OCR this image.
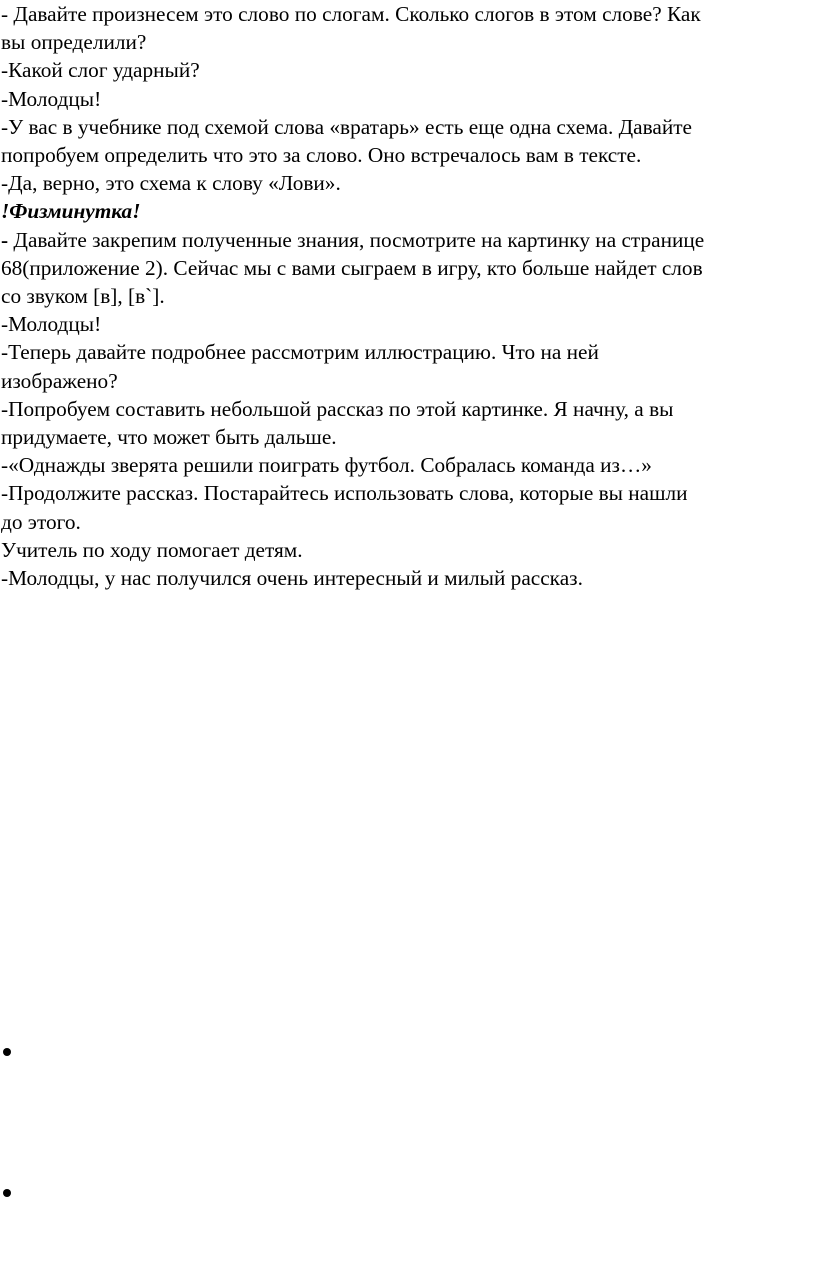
- Давайте произнесем это слово по слогам. Сколько слогов в этом слове? Как
вы определили?
-Какой слог ударный?
-Молодцы!
-У вас в учебнике под схемой слова «вратарь» есть еще одна схема. Давайте
попробуем определить что это за слово. Оно встречалось вам в тексте.
-Да, верно, это схема к слову «Лови».
!Физминутка!
- Давайте закрепим полученные знания, посмотрите на картинку на странице
68(приложение 2). Сейчас мы с вами сыграем в игру, кто больше найдет слов
со звуком [в], [в`].
-Молодцы!
-Теперь давайте подробнее рассмотрим иллюстрацию. Что на ней
изображено?
-Попробуем составить небольшой рассказ по этой картинке. Я начну, а вы
придумаете, что может быть дальше.
-«Однажды зверята решили поиграть футбол. Собралась команда из…»
-Продолжите рассказ. Постарайтесь использовать слова, которые вы нашли
до этого.
Учитель по ходу помогает детям.
-Молодцы, у нас получился очень интересный и милый рассказ.
